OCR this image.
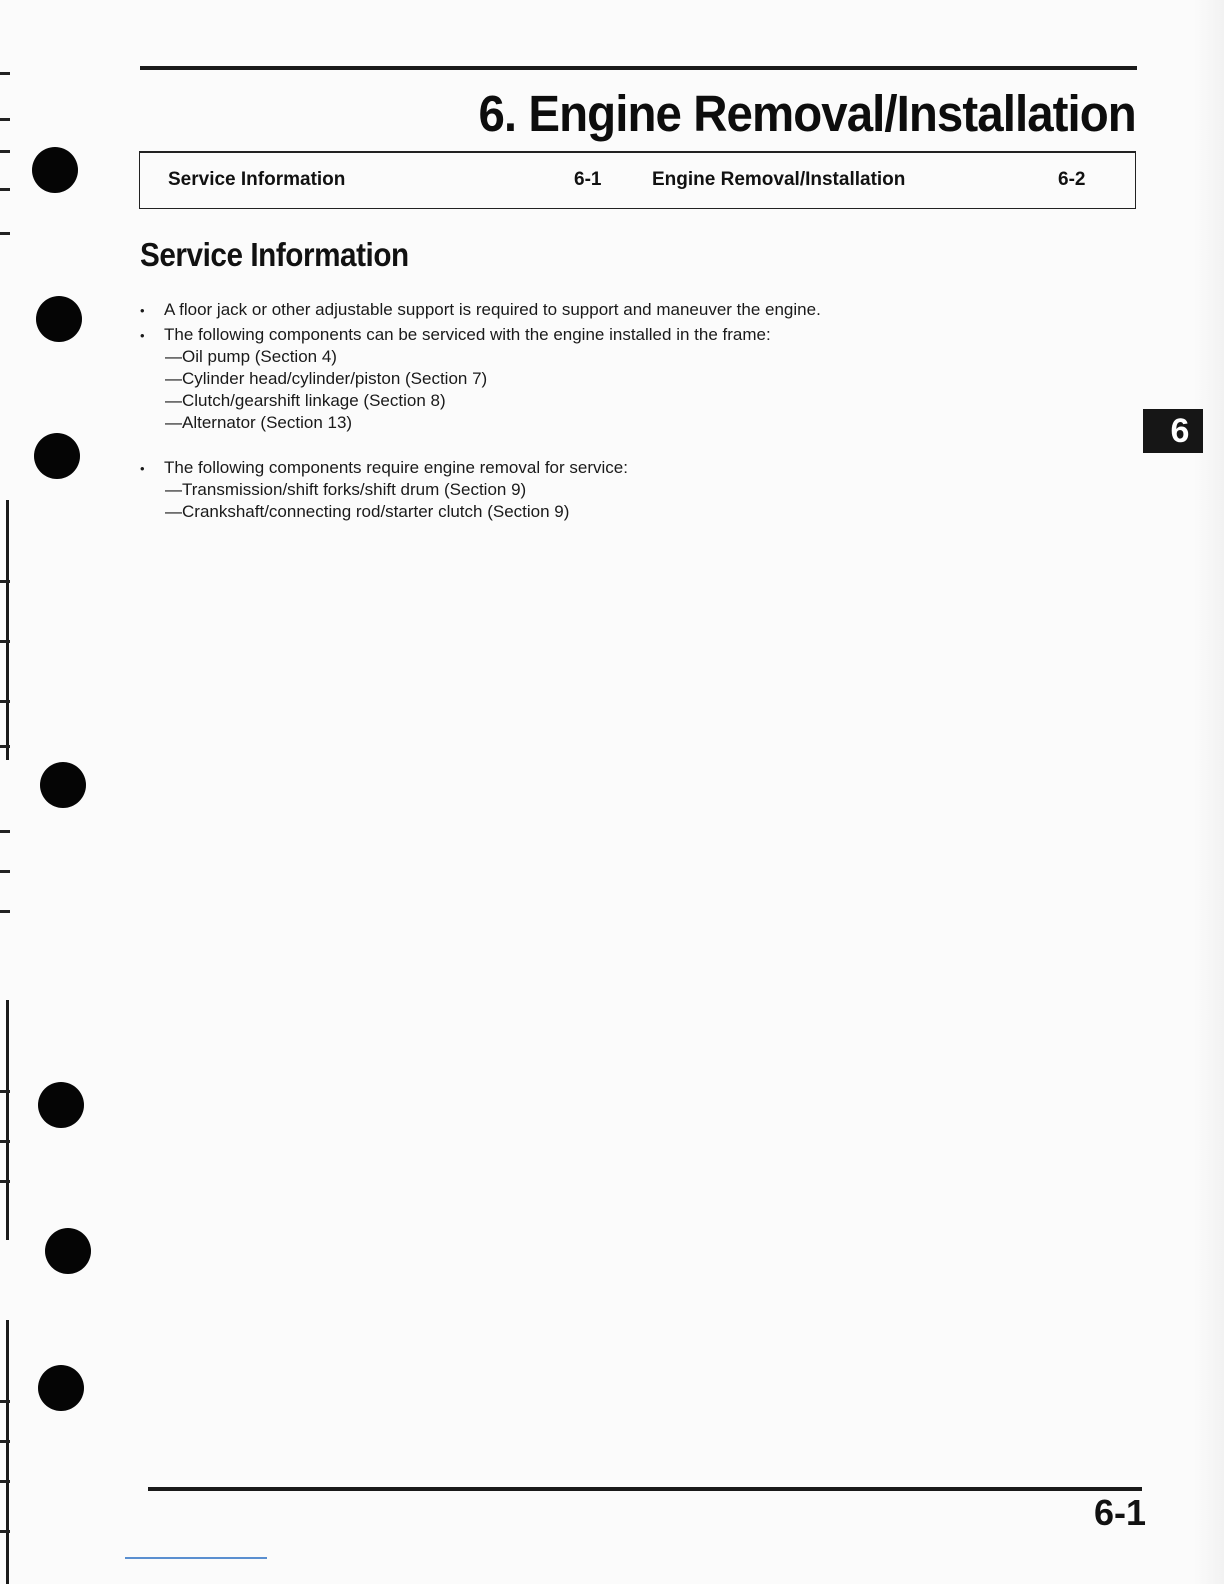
6. Engine Removal/Installation
Service Information	6-1	Engine Removal/Installation	6-2
Service Information
• A floor jack or other adjustable support is required to support and maneuver the engine.
• The following components can be serviced with the engine installed in the frame:
—Oil pump (Section 4)
—Cylinder head/cylinder/piston (Section 7)
—Clutch/gearshift linkage (Section 8)
—Alternator (Section 13)
• The following components require engine removal for service:
—Transmission/shift forks/shift drum (Section 9)
—Crankshaft/connecting rod/starter clutch (Section 9)
6
6-1
